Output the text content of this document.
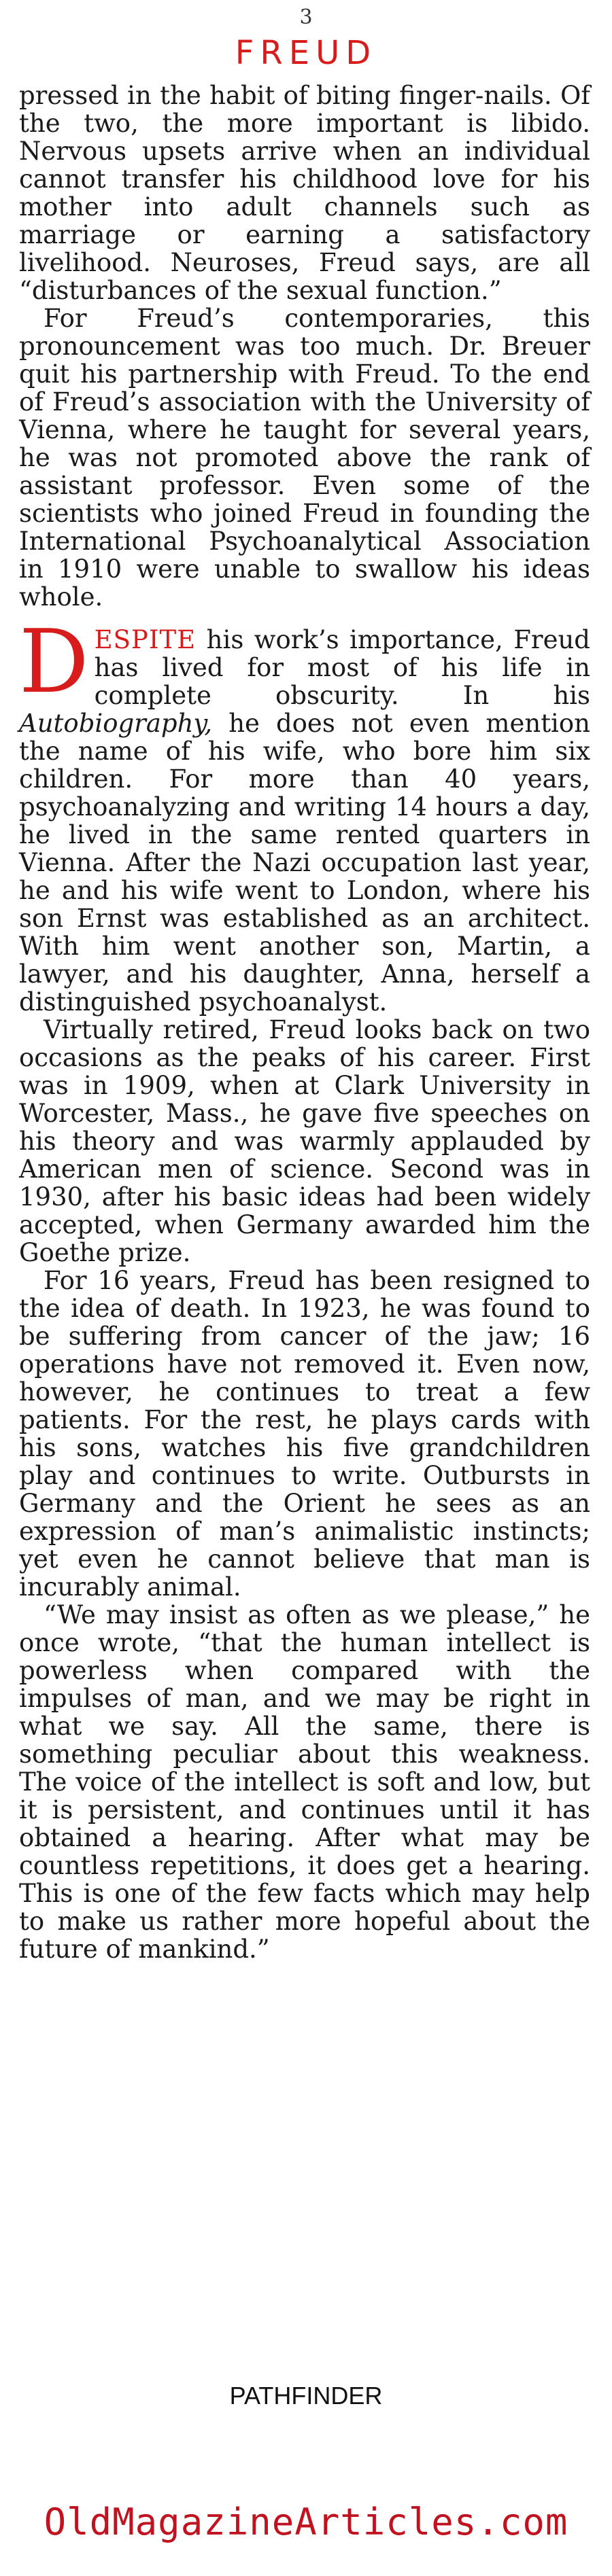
3
FREUD

pressed in the habit of biting finger-nails. Of the two, the more important is libido. Nervous upsets arrive when an individual cannot transfer his childhood love for his mother into adult channels such as marriage or earning a satisfactory livelihood. Neuroses, Freud says, are all “disturbances of the sexual function.”

For Freud’s contemporaries, this pronouncement was too much. Dr. Breuer quit his partnership with Freud. To the end of Freud’s association with the University of Vienna, where he taught for several years, he was not promoted above the rank of assistant professor. Even some of the scientists who joined Freud in founding the International Psychoanalytical Association in 1910 were unable to swallow his ideas whole.

DESPITE his work’s importance, Freud has lived for most of his life in complete obscurity. In his Autobiography, he does not even mention the name of his wife, who bore him six children. For more than 40 years, psychoanalyzing and writing 14 hours a day, he lived in the same rented quarters in Vienna. After the Nazi occupation last year, he and his wife went to London, where his son Ernst was established as an architect. With him went another son, Martin, a lawyer, and his daughter, Anna, herself a distinguished psychoanalyst.

Virtually retired, Freud looks back on two occasions as the peaks of his career. First was in 1909, when at Clark University in Worcester, Mass., he gave five speeches on his theory and was warmly applauded by American men of science. Second was in 1930, after his basic ideas had been widely accepted, when Germany awarded him the Goethe prize.

For 16 years, Freud has been resigned to the idea of death. In 1923, he was found to be suffering from cancer of the jaw; 16 operations have not removed it. Even now, however, he continues to treat a few patients. For the rest, he plays cards with his sons, watches his five grandchildren play and continues to write. Outbursts in Germany and the Orient he sees as an expression of man’s animalistic instincts; yet even he cannot believe that man is incurably animal.

“We may insist as often as we please,” he once wrote, “that the human intellect is powerless when compared with the impulses of man, and we may be right in what we say. All the same, there is something peculiar about this weakness. The voice of the intellect is soft and low, but it is persistent, and continues until it has obtained a hearing. After what may be countless repetitions, it does get a hearing. This is one of the few facts which may help to make us rather more hopeful about the future of mankind.”

PATHFINDER
OldMagazineArticles.com
